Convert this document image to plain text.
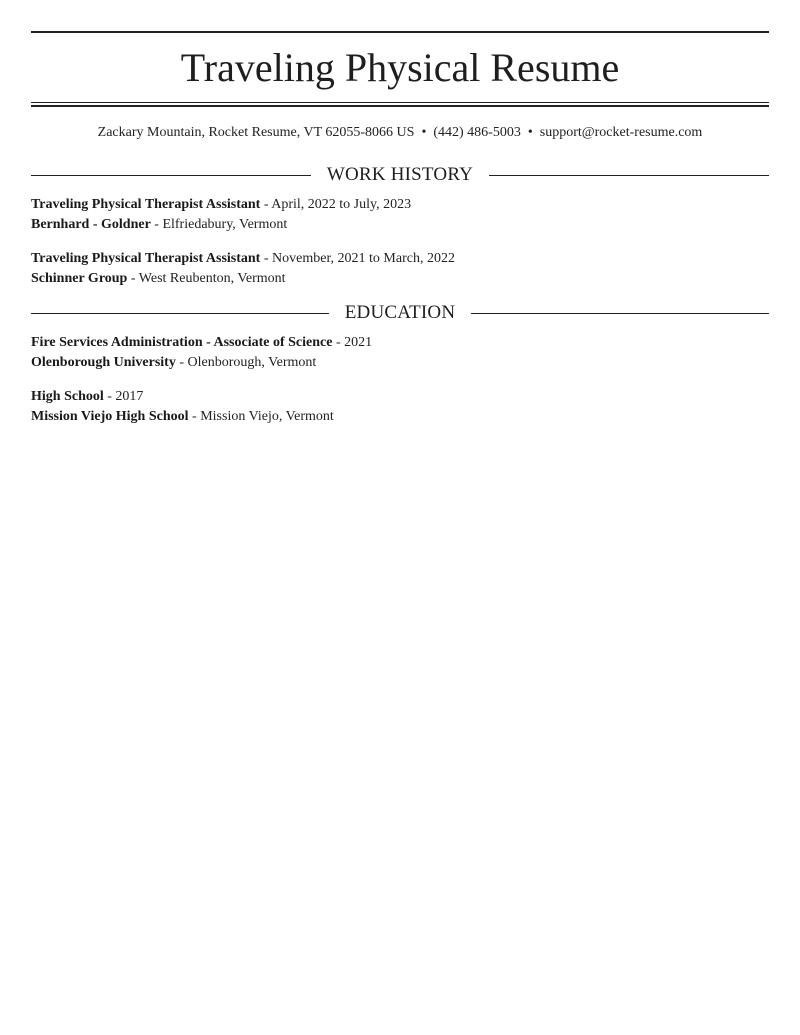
Traveling Physical Resume
Zackary Mountain, Rocket Resume, VT 62055-8066 US • (442) 486-5003 • support@rocket-resume.com
WORK HISTORY
Traveling Physical Therapist Assistant - April, 2022 to July, 2023
Bernhard - Goldner - Elfriedabury, Vermont
Traveling Physical Therapist Assistant - November, 2021 to March, 2022
Schinner Group - West Reubenton, Vermont
EDUCATION
Fire Services Administration - Associate of Science - 2021
Olenborough University - Olenborough, Vermont
High School - 2017
Mission Viejo High School - Mission Viejo, Vermont
